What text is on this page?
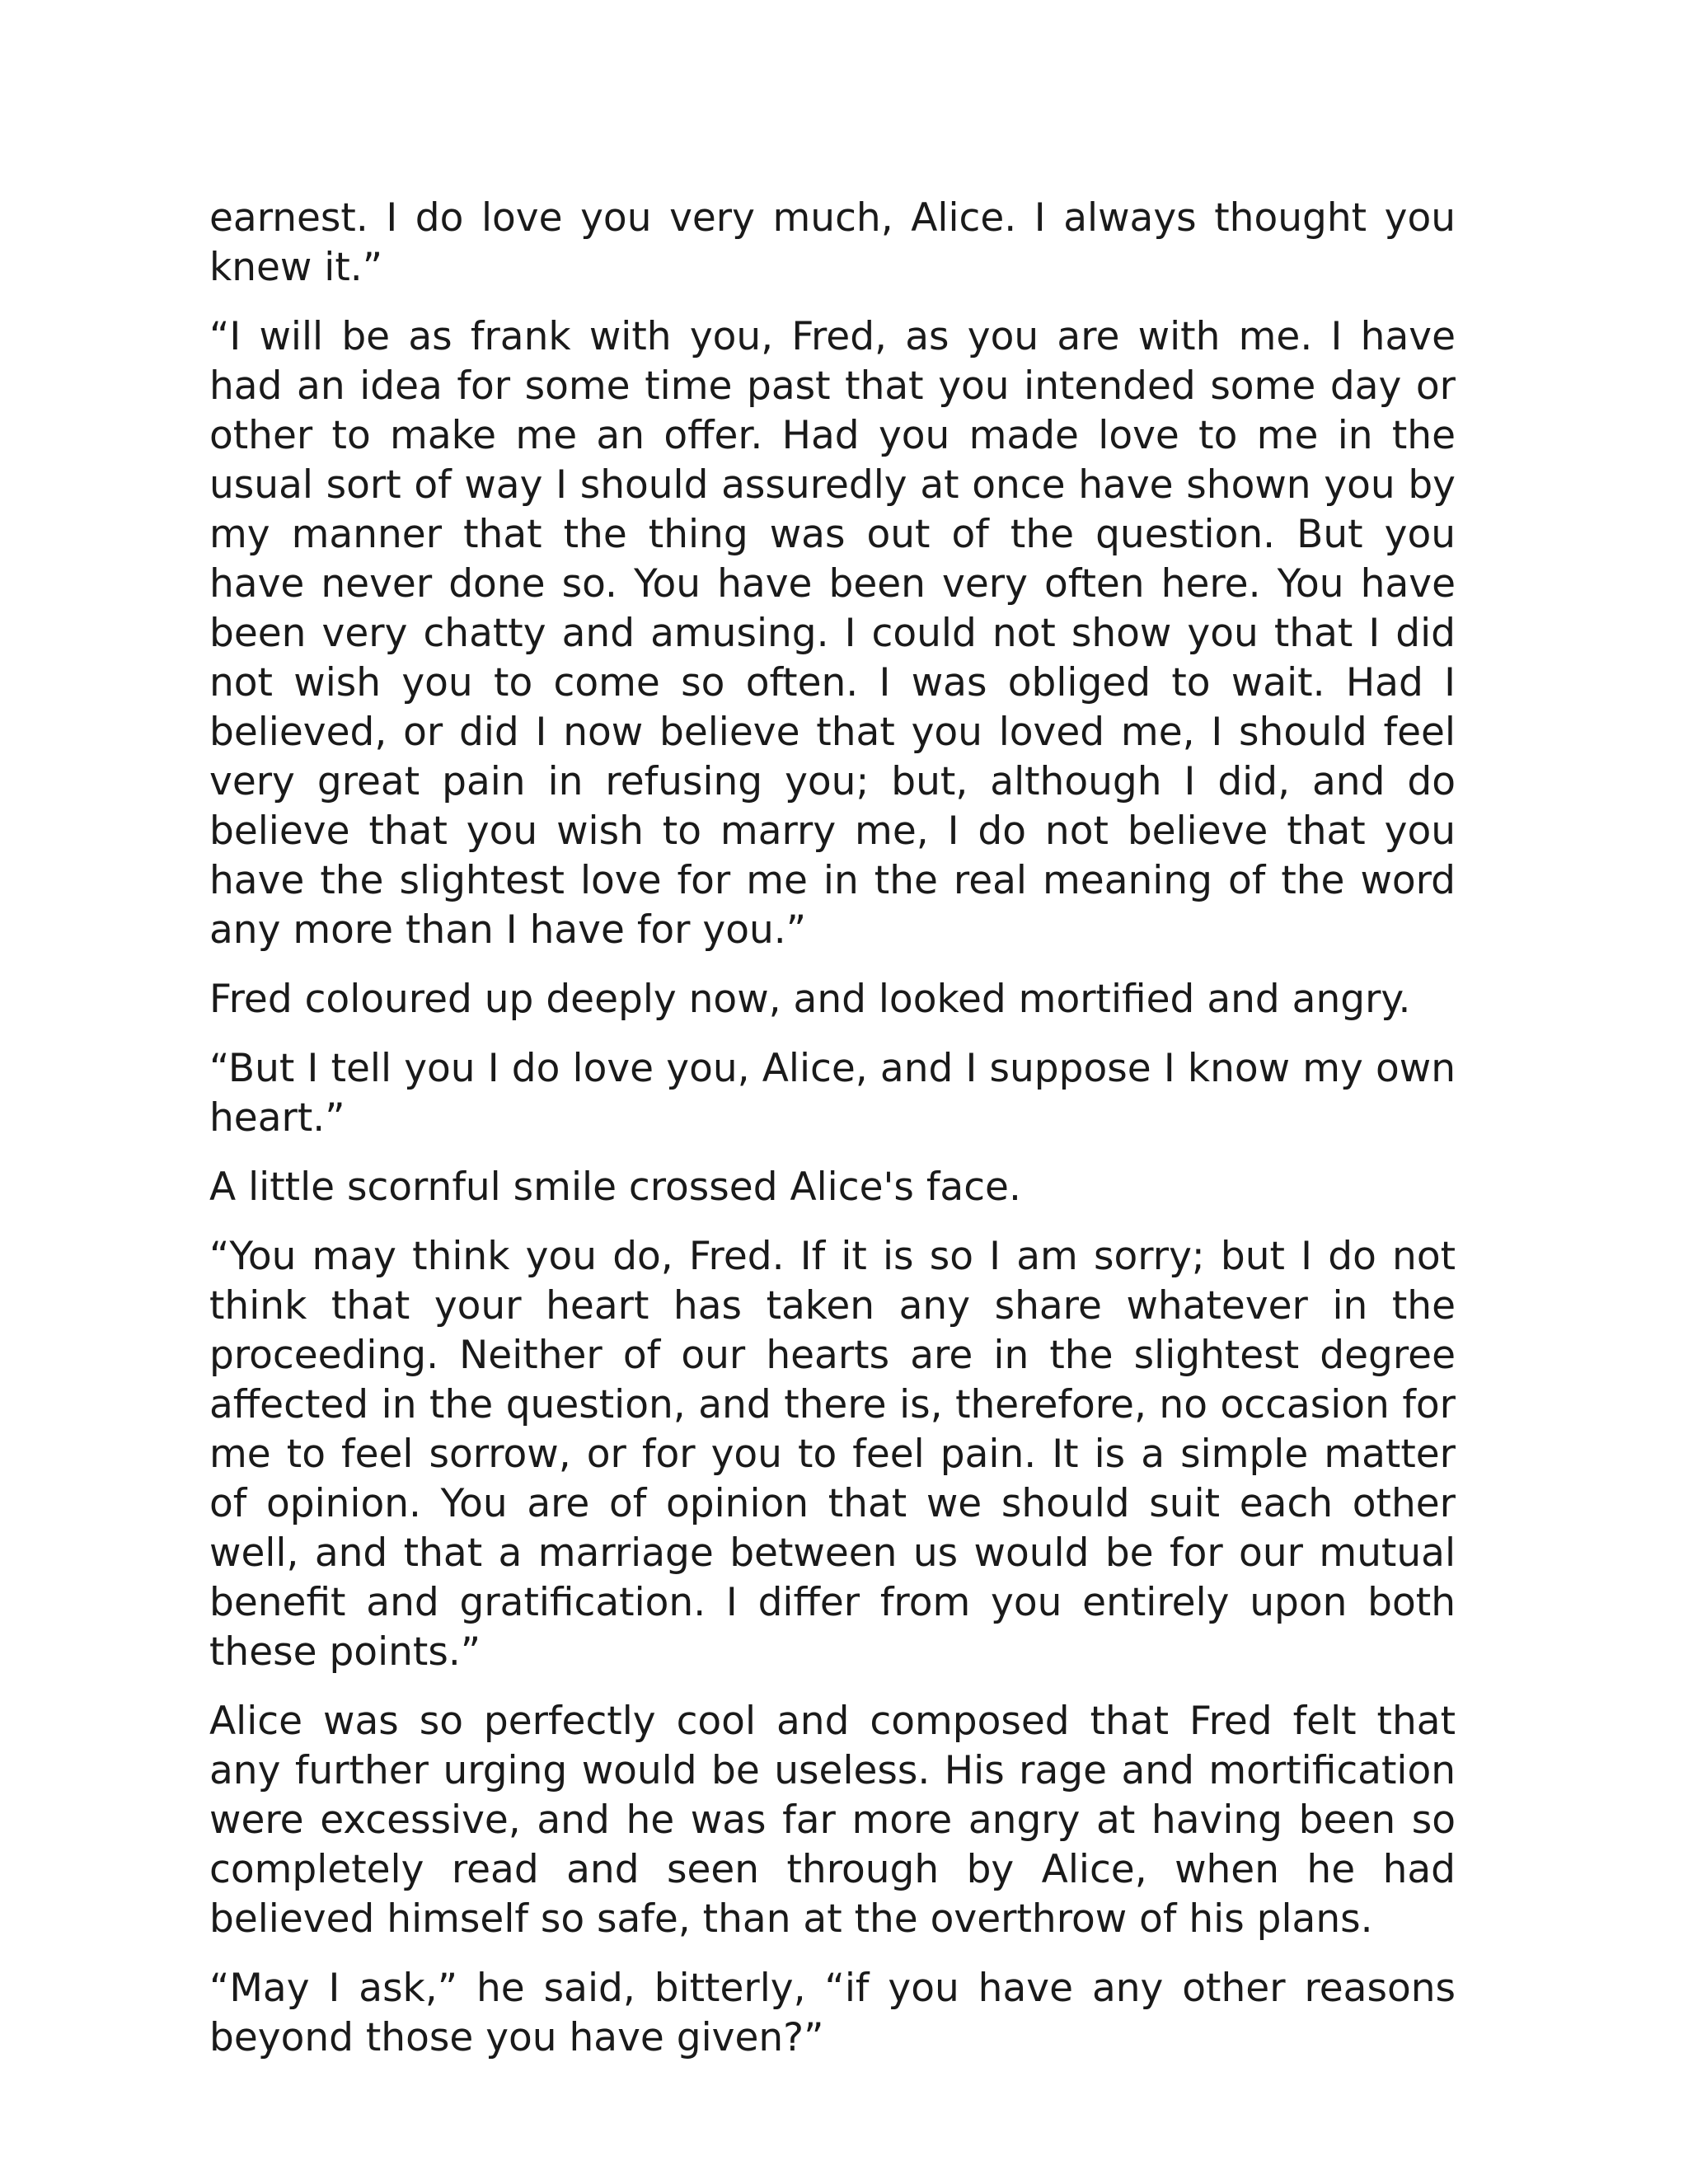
earnest. I do love you very much, Alice. I always thought you knew it.”

“I will be as frank with you, Fred, as you are with me. I have had an idea for some time past that you intended some day or other to make me an offer. Had you made love to me in the usual sort of way I should assuredly at once have shown you by my manner that the thing was out of the question. But you have never done so. You have been very often here. You have been very chatty and amusing. I could not show you that I did not wish you to come so often. I was obliged to wait. Had I believed, or did I now believe that you loved me, I should feel very great pain in refusing you; but, although I did, and do believe that you wish to marry me, I do not believe that you have the slightest love for me in the real meaning of the word any more than I have for you.”

Fred coloured up deeply now, and looked mortified and angry.

“But I tell you I do love you, Alice, and I suppose I know my own heart.”

A little scornful smile crossed Alice's face.

“You may think you do, Fred. If it is so I am sorry; but I do not think that your heart has taken any share whatever in the proceeding. Neither of our hearts are in the slightest degree affected in the question, and there is, therefore, no occasion for me to feel sorrow, or for you to feel pain. It is a simple matter of opinion. You are of opinion that we should suit each other well, and that a marriage between us would be for our mutual benefit and gratification. I differ from you entirely upon both these points.”

Alice was so perfectly cool and composed that Fred felt that any further urging would be useless. His rage and mortification were excessive, and he was far more angry at having been so completely read and seen through by Alice, when he had believed himself so safe, than at the overthrow of his plans.

“May I ask,” he said, bitterly, “if you have any other reasons beyond those you have given?”
